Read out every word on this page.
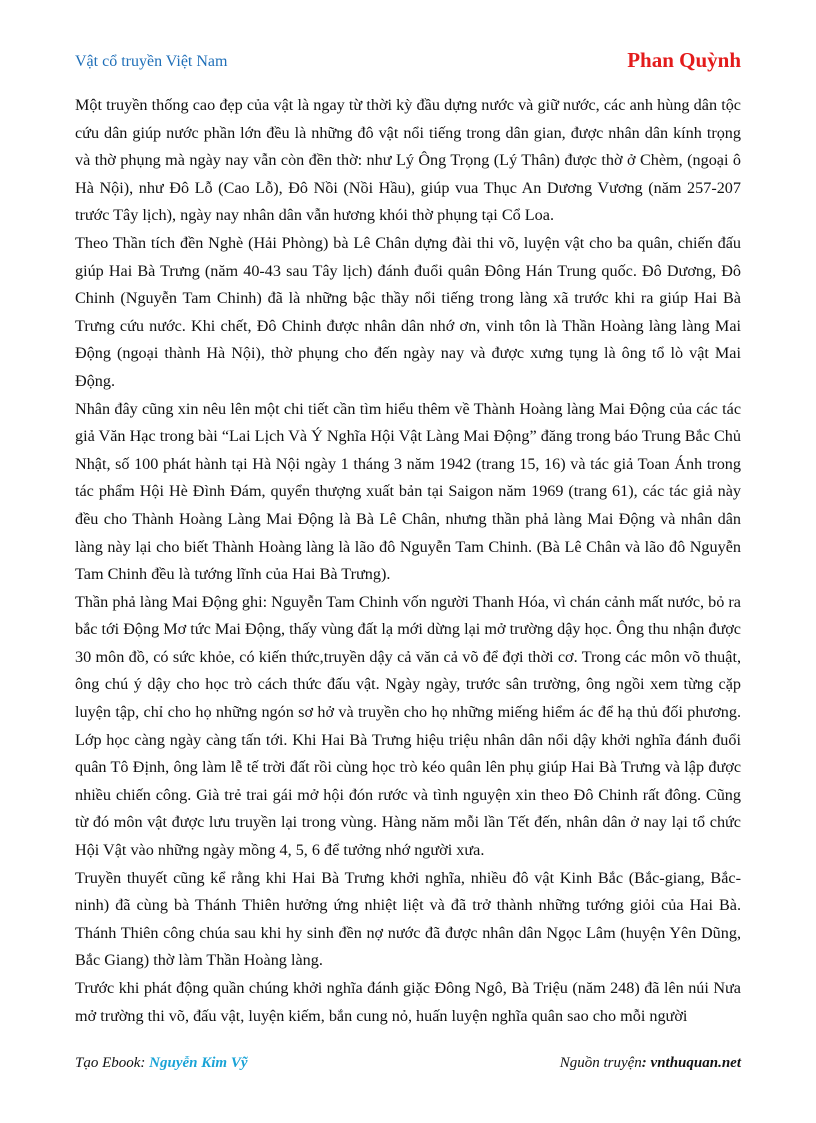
Vật cổ truyền Việt Nam	Phan Quỳnh

Một truyền thống cao đẹp của vật là ngay từ thời kỳ đầu dựng nước và giữ nước, các anh hùng dân tộc cứu dân giúp nước phần lớn đều là những đô vật nổi tiếng trong dân gian, được nhân dân kính trọng và thờ phụng mà ngày nay vẫn còn đền thờ: như Lý Ông Trọng (Lý Thân) được thờ ở Chèm, (ngoại ô Hà Nội), như Đô Lỗ (Cao Lỗ), Đô Nồi (Nồi Hầu), giúp vua Thục An Dương Vương (năm 257-207 trước Tây lịch), ngày nay nhân dân vẫn hương khói thờ phụng tại Cổ Loa.

Theo Thần tích đền Nghè (Hải Phòng) bà Lê Chân dựng đài thi võ, luyện vật cho ba quân, chiến đấu giúp Hai Bà Trưng (năm 40-43 sau Tây lịch) đánh đuổi quân Đông Hán Trung quốc. Đô Dương, Đô Chinh (Nguyễn Tam Chinh) đã là những bậc thầy nổi tiếng trong làng xã trước khi ra giúp Hai Bà Trưng cứu nước. Khi chết, Đô Chinh được nhân dân nhớ ơn, vinh tôn là Thần Hoàng làng làng Mai Động (ngoại thành Hà Nội), thờ phụng cho đến ngày nay và được xưng tụng là ông tổ lò vật Mai Động.

Nhân đây cũng xin nêu lên một chi tiết cần tìm hiểu thêm về Thành Hoàng làng Mai Động của các tác giả Văn Hạc trong bài “Lai Lịch Và Ý Nghĩa Hội Vật Làng Mai Động” đăng trong báo Trung Bắc Chủ Nhật, số 100 phát hành tại Hà Nội ngày 1 tháng 3 năm 1942 (trang 15, 16) và tác giả Toan Ánh trong tác phẩm Hội Hè Đình Đám, quyển thượng xuất bản tại Saigon năm 1969 (trang 61), các tác giả này đều cho Thành Hoàng Làng Mai Động là Bà Lê Chân, nhưng thần phả làng Mai Động và nhân dân làng này lại cho biết Thành Hoàng làng là lão đô Nguyễn Tam Chinh. (Bà Lê Chân và lão đô Nguyễn Tam Chinh đều là tướng lĩnh của Hai Bà Trưng).

Thần phả làng Mai Động ghi: Nguyễn Tam Chinh vốn người Thanh Hóa, vì chán cảnh mất nước, bỏ ra bắc tới Động Mơ tức Mai Động, thấy vùng đất lạ mới dừng lại mở trường dậy học. Ông thu nhận được 30 môn đồ, có sức khỏe, có kiến thức,truyền dậy cả văn cả võ để đợi thời cơ. Trong các môn võ thuật, ông chú ý dậy cho học trò cách thức đấu vật. Ngày ngày, trước sân trường, ông ngồi xem từng cặp luyện tập, chỉ cho họ những ngón sơ hở và truyền cho họ những miếng hiểm ác để hạ thủ đối phương. Lớp học càng ngày càng tấn tới. Khi Hai Bà Trưng hiệu triệu nhân dân nổi dậy khởi nghĩa đánh đuổi quân Tô Định, ông làm lễ tế trời đất rồi cùng học trò kéo quân lên phụ giúp Hai Bà Trưng và lập được nhiều chiến công. Già trẻ trai gái mở hội đón rước và tình nguyện xin theo Đô Chinh rất đông. Cũng từ đó môn vật được lưu truyền lại trong vùng. Hàng năm mỗi lần Tết đến, nhân dân ở nay lại tổ chức Hội Vật vào những ngày mồng 4, 5, 6 để tưởng nhớ người xưa.

Truyền thuyết cũng kể rằng khi Hai Bà Trưng khởi nghĩa, nhiều đô vật Kinh Bắc (Bắc-giang, Bắc-ninh) đã cùng bà Thánh Thiên hưởng ứng nhiệt liệt và đã trở thành những tướng giỏi của Hai Bà. Thánh Thiên công chúa sau khi hy sinh đền nợ nước đã được nhân dân Ngọc Lâm (huyện Yên Dũng, Bắc Giang) thờ làm Thần Hoàng làng.

Trước khi phát động quần chúng khởi nghĩa đánh giặc Đông Ngô, Bà Triệu (năm 248) đã lên núi Nưa mở trường thi võ, đấu vật, luyện kiếm, bắn cung nỏ, huấn luyện nghĩa quân sao cho mỗi người

Tạo Ebook: Nguyễn Kim Vỹ	Nguồn truyện: vnthuquan.net
